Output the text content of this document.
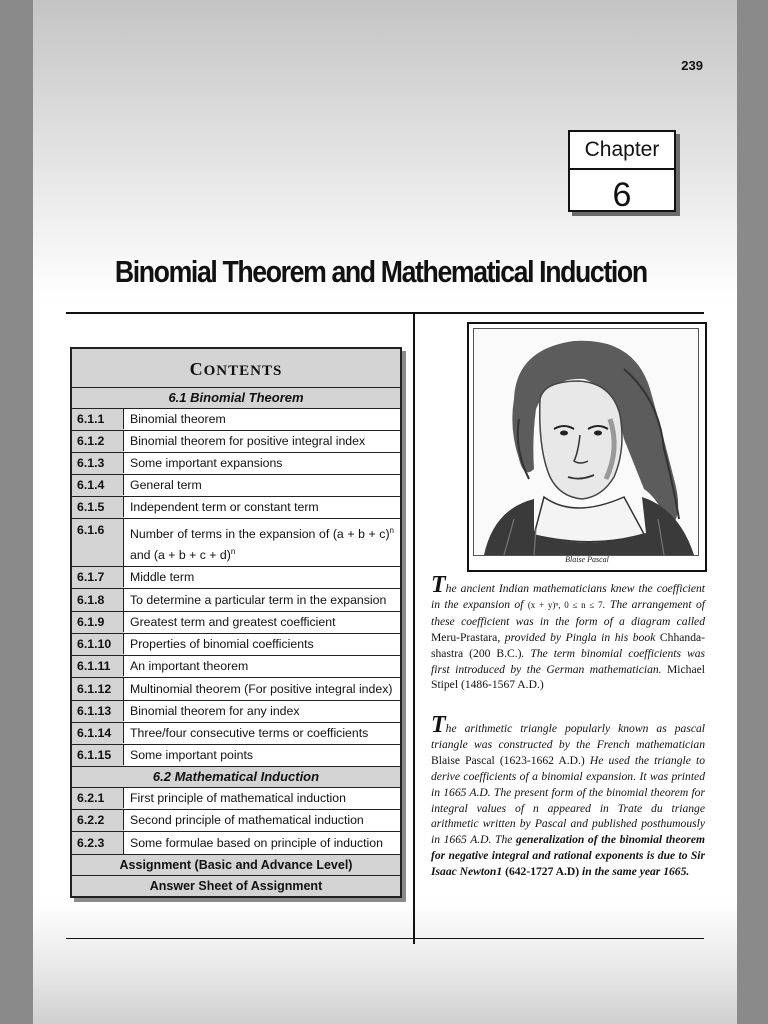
239
Chapter
6
Binomial Theorem and Mathematical Induction
CONTENTS
6.1 Binomial Theorem
6.1.1	Binomial theorem
6.1.2	Binomial theorem for positive integral index
6.1.3	Some important expansions
6.1.4	General term
6.1.5	Independent term or constant term
6.1.6	Number of terms in the expansion of $(a + b + c)^n$ and $(a + b + c + d)^n$
6.1.7	Middle term
6.1.8	To determine a particular term in the expansion
6.1.9	Greatest term and greatest coefficient
6.1.10	Properties of binomial coefficients
6.1.11	An important theorem
6.1.12	Multinomial theorem (For positive integral index)
6.1.13	Binomial theorem for any index
6.1.14	Three/four consecutive terms or coefficients
6.1.15	Some important points
6.2 Mathematical Induction
6.2.1	First principle of mathematical induction
6.2.2	Second principle of mathematical induction
6.2.3	Some formulae based on principle of induction
Assignment (Basic and Advance Level)
Answer Sheet of Assignment
Blaise Pascal

The ancient Indian mathematicians knew the coefficient in the expansion of (x + y)ⁿ, 0 ≤ n ≤ 7. The arrangement of these coefficient was in the form of a diagram called Meru-Prastara, provided by Pingla in his book Chhanda-shastra (200 B.C.). The term binomial coefficients was first introduced by the German mathematician. Michael Stipel (1486-1567 A.D.)

The arithmetic triangle popularly known as pascal triangle was constructed by the French mathematician Blaise Pascal (1623-1662 A.D.) He used the triangle to derive coefficients of a binomial expansion. It was printed in 1665 A.D. The present form of the binomial theorem for integral values of n appeared in Trate du triange arithmetic written by Pascal and published posthumously in 1665 A.D. The generalization of the binomial theorem for negative integral and rational exponents is due to Sir Isaac Newton1 (642-1727 A.D) in the same year 1665.
